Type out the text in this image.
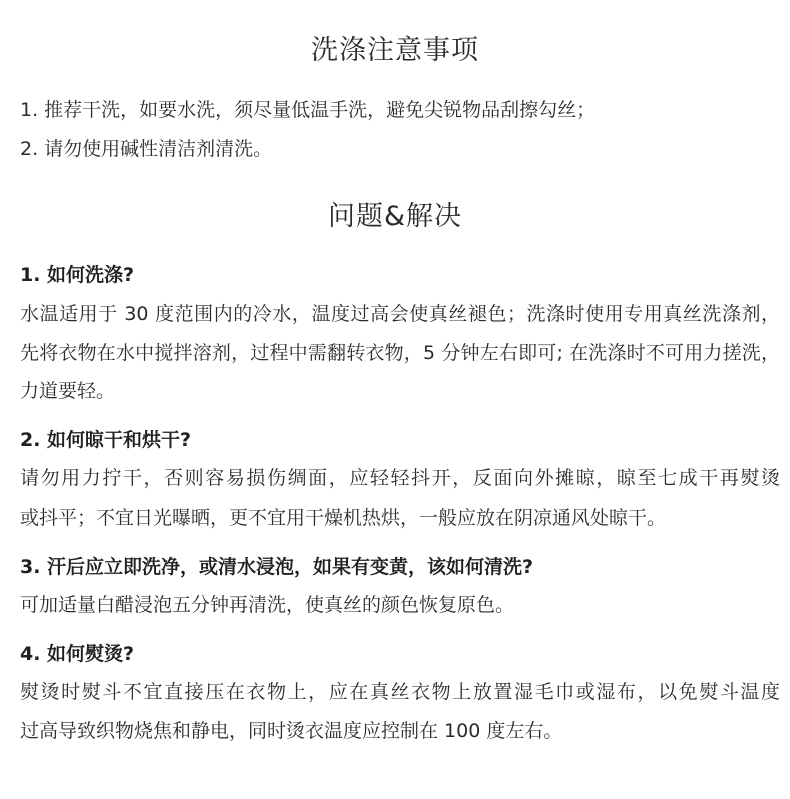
洗涤注意事项
1. 推荐干洗，如要水洗，须尽量低温手洗，避免尖锐物品刮擦勾丝；
2. 请勿使用碱性清洁剂清洗。
问题&解决
1. 如何洗涤?
水温适用于 30 度范围内的冷水，温度过高会使真丝褪色；洗涤时使用专用真丝洗涤剂，
先将衣物在水中搅拌溶剂，过程中需翻转衣物，5 分钟左右即可; 在洗涤时不可用力搓洗，
力道要轻。
2. 如何晾干和烘干?
请勿用力拧干，否则容易损伤绸面，应轻轻抖开，反面向外摊晾，晾至七成干再熨烫
或抖平；不宜日光曝晒，更不宜用干燥机热烘，一般应放在阴凉通风处晾干。
3. 汗后应立即洗净，或清水浸泡，如果有变黄，该如何清洗?
可加适量白醋浸泡五分钟再清洗，使真丝的颜色恢复原色。
4. 如何熨烫?
熨烫时熨斗不宜直接压在衣物上，应在真丝衣物上放置湿毛巾或湿布，以免熨斗温度
过高导致织物烧焦和静电，同时烫衣温度应控制在 100 度左右。
